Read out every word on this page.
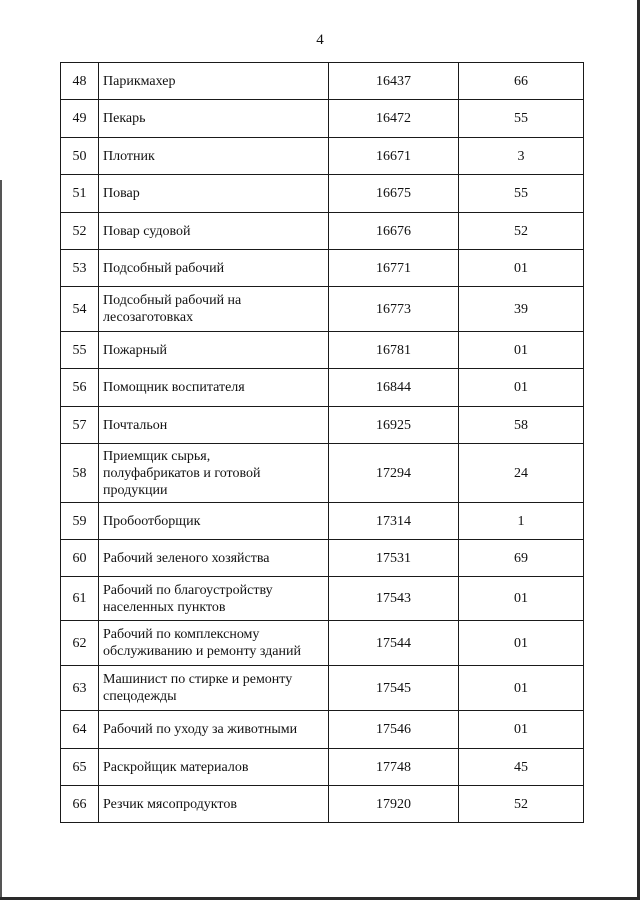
4
48	Парикмахер	16437	66
49	Пекарь	16472	55
50	Плотник	16671	3
51	Повар	16675	55
52	Повар судовой	16676	52
53	Подсобный рабочий	16771	01
54	Подсобный рабочий на
лесозаготовках	16773	39
55	Пожарный	16781	01
56	Помощник воспитателя	16844	01
57	Почтальон	16925	58
58	Приемщик сырья,
полуфабрикатов и готовой
продукции	17294	24
59	Пробоотборщик	17314	1
60	Рабочий зеленого хозяйства	17531	69
61	Рабочий по благоустройству
населенных пунктов	17543	01
62	Рабочий по комплексному
обслуживанию и ремонту зданий	17544	01
63	Машинист по стирке и ремонту
спецодежды	17545	01
64	Рабочий по уходу за животными	17546	01
65	Раскройщик материалов	17748	45
66	Резчик мясопродуктов	17920	52
